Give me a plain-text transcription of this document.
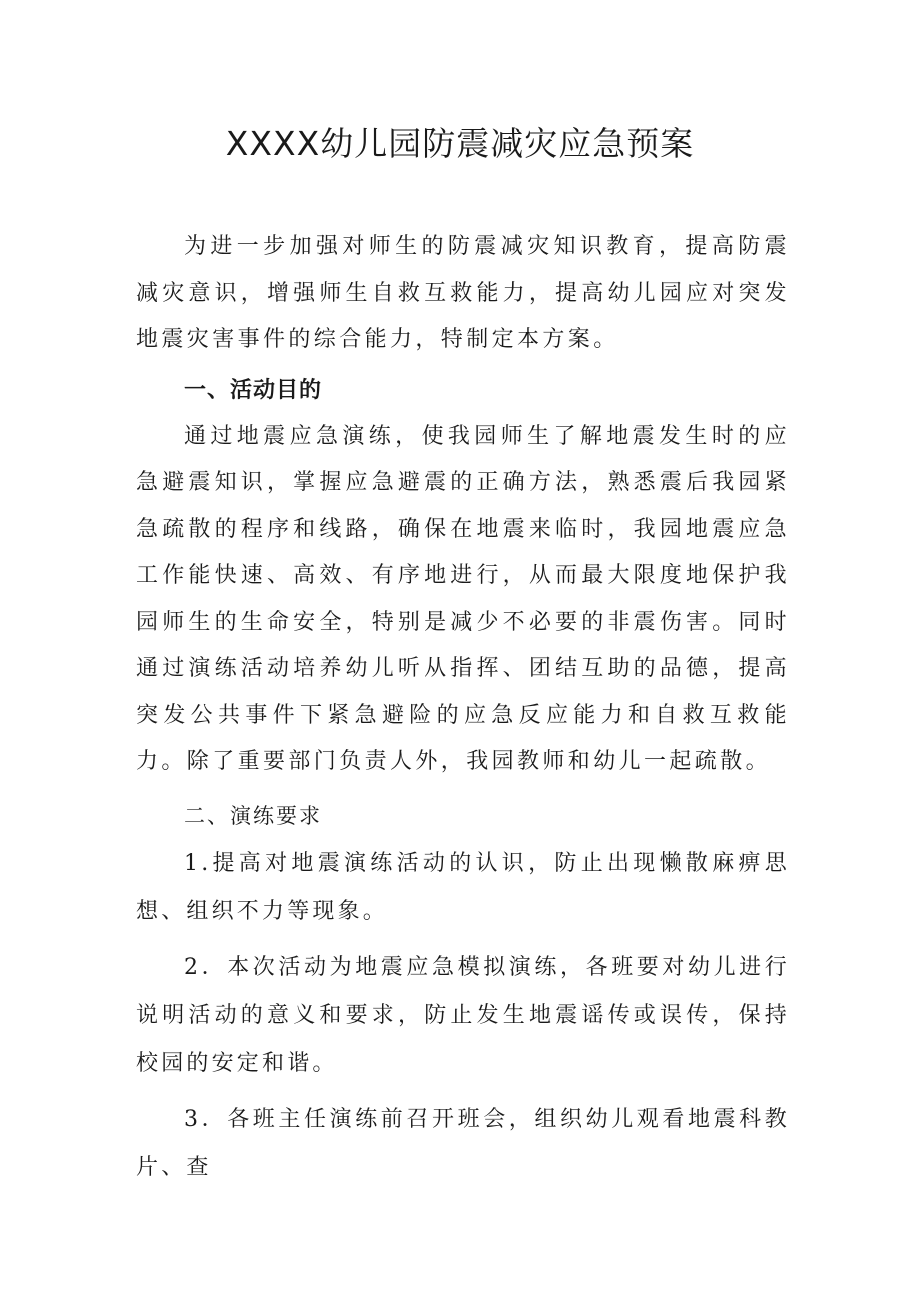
XXXX幼儿园防震减灾应急预案

为进一步加强对师生的防震减灾知识教育，提高防震减灾意识，增强师生自救互救能力，提高幼儿园应对突发地震灾害事件的综合能力，特制定本方案。

一、活动目的

通过地震应急演练，使我园师生了解地震发生时的应急避震知识，掌握应急避震的正确方法，熟悉震后我园紧急疏散的程序和线路，确保在地震来临时，我园地震应急工作能快速、高效、有序地进行，从而最大限度地保护我园师生的生命安全，特别是减少不必要的非震伤害。同时通过演练活动培养幼儿听从指挥、团结互助的品德，提高突发公共事件下紧急避险的应急反应能力和自救互救能力。除了重要部门负责人外，我园教师和幼儿一起疏散。

二、演练要求

1.提高对地震演练活动的认识，防止出现懒散麻痹思想、组织不力等现象。

2．本次活动为地震应急模拟演练，各班要对幼儿进行说明活动的意义和要求，防止发生地震谣传或误传，保持校园的安定和谐。

3．各班主任演练前召开班会，组织幼儿观看地震科教片、查
